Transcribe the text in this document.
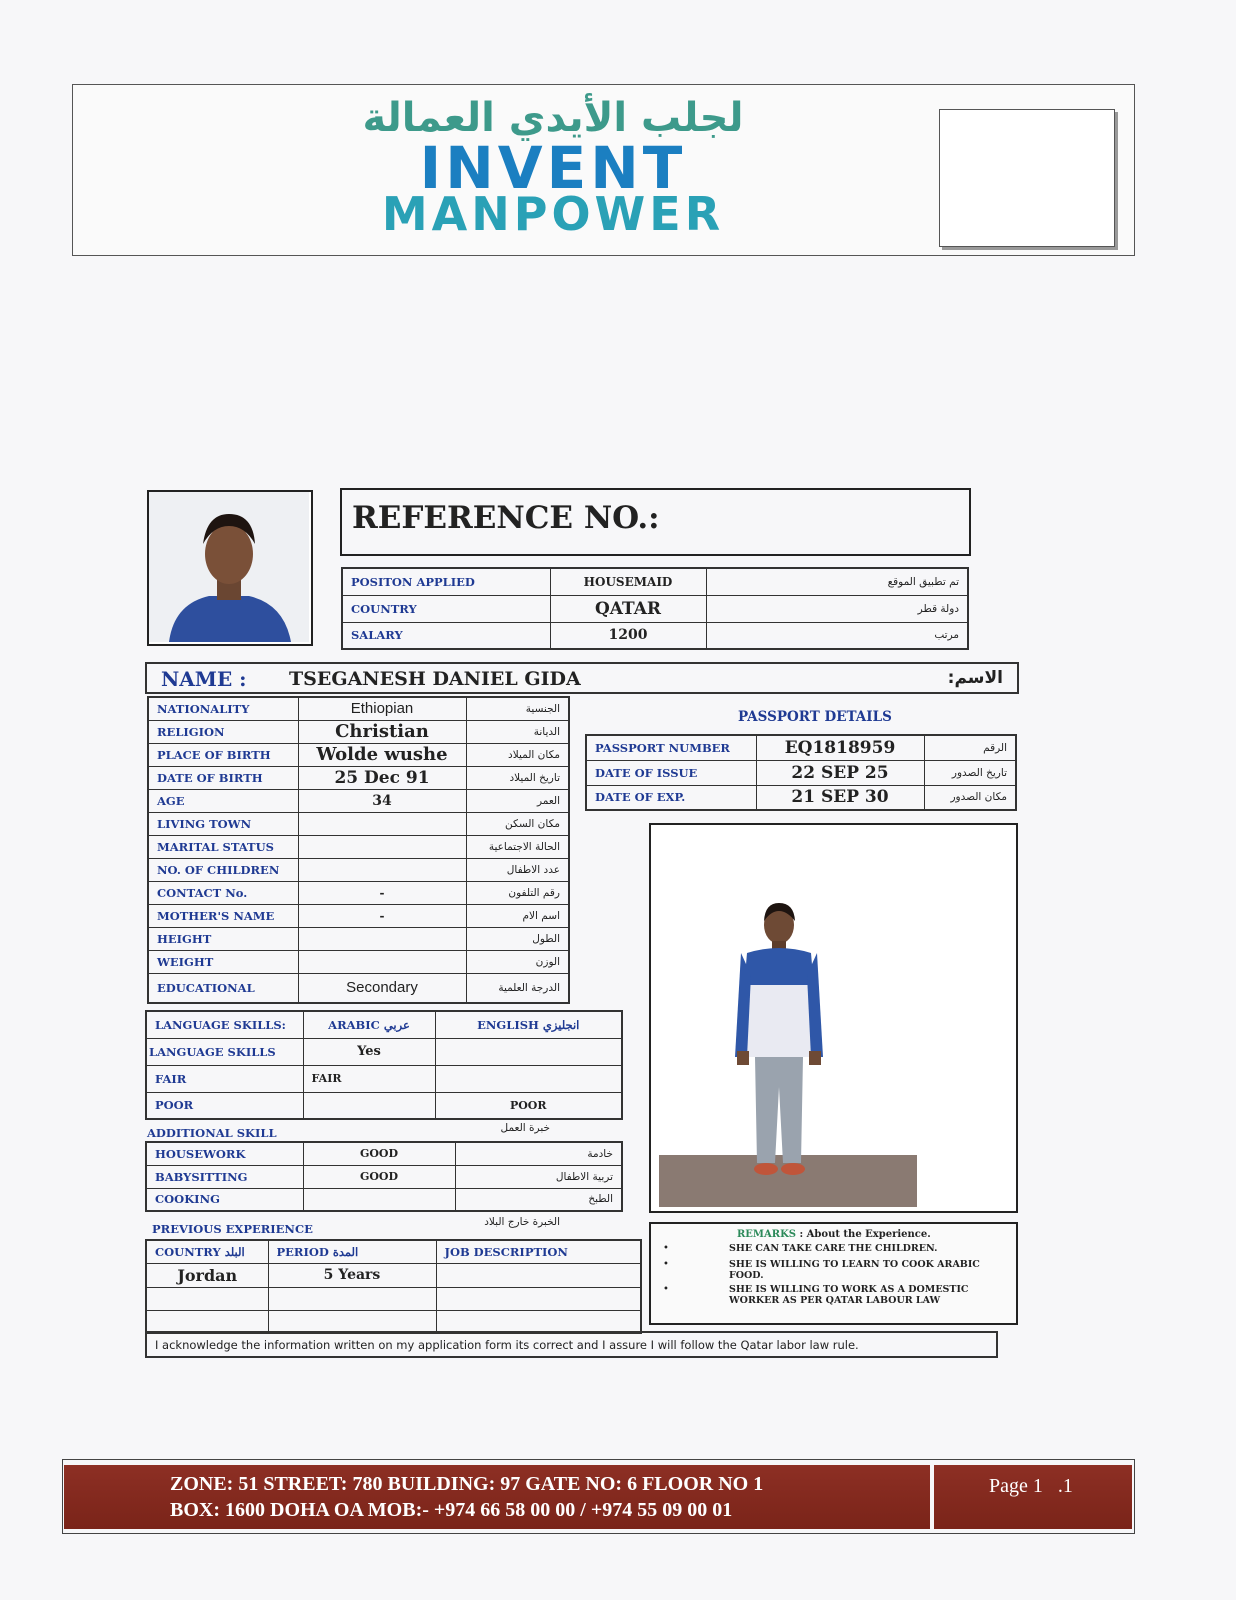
لجلب الأيدي العمالة
INVENT
MANPOWER
REFERENCE NO.:
POSITON APPLIED	HOUSEMAID	تم تطبيق الموقع
COUNTRY	QATAR	دولة قطر
SALARY	1200	مرتب
NAME : TSEGANESH DANIEL GIDA	الاسم:
NATIONALITY	Ethiopian	الجنسية
RELIGION	Christian	الديانة
PLACE OF BIRTH	Wolde wushe	مكان الميلاد
DATE OF BIRTH	25 Dec 91	تاريخ الميلاد
AGE	34	العمر
LIVING TOWN		مكان السكن
MARITAL STATUS		الحالة الاجتماعية
NO. OF CHILDREN		عدد الاطفال
CONTACT No.	-	رقم التلفون
MOTHER'S NAME	-	اسم الام
HEIGHT		الطول
WEIGHT		الوزن
EDUCATIONAL	Secondary	الدرجة العلمية
PASSPORT DETAILS
PASSPORT NUMBER	EQ1818959	الرقم
DATE OF ISSUE	22 SEP 25	تاريخ الصدور
DATE OF EXP.	21 SEP 30	مكان الصدور
LANGUAGE SKILLS:	ARABIC عربي	ENGLISH انجليزي
LANGUAGE SKILLS	Yes	
FAIR	FAIR	
POOR		POOR
ADDITIONAL SKILL	خبرة العمل
HOUSEWORK	GOOD	خادمة
BABYSITTING	GOOD	تربية الاطفال
COOKING		الطبخ
PREVIOUS EXPERIENCE	الخبرة خارج البلاد
COUNTRY البلد	PERIOD المدة	JOB DESCRIPTION
Jordan	5 Years	

REMARKS : About the Experience.
•	SHE CAN TAKE CARE THE CHILDREN.
•	SHE IS WILLING TO LEARN TO COOK ARABIC FOOD.
•	SHE IS WILLING TO WORK AS A DOMESTIC WORKER AS PER QATAR LABOUR LAW
I acknowledge the information written on my application form its correct and I assure I will follow the Qatar labor law rule.
ZONE: 51 STREET: 780 BUILDING: 97 GATE NO: 6 FLOOR NO 1
BOX: 1600 DOHA OA MOB:- +974 66 58 00 00 / +974 55 09 00 01
Page 1   .1
